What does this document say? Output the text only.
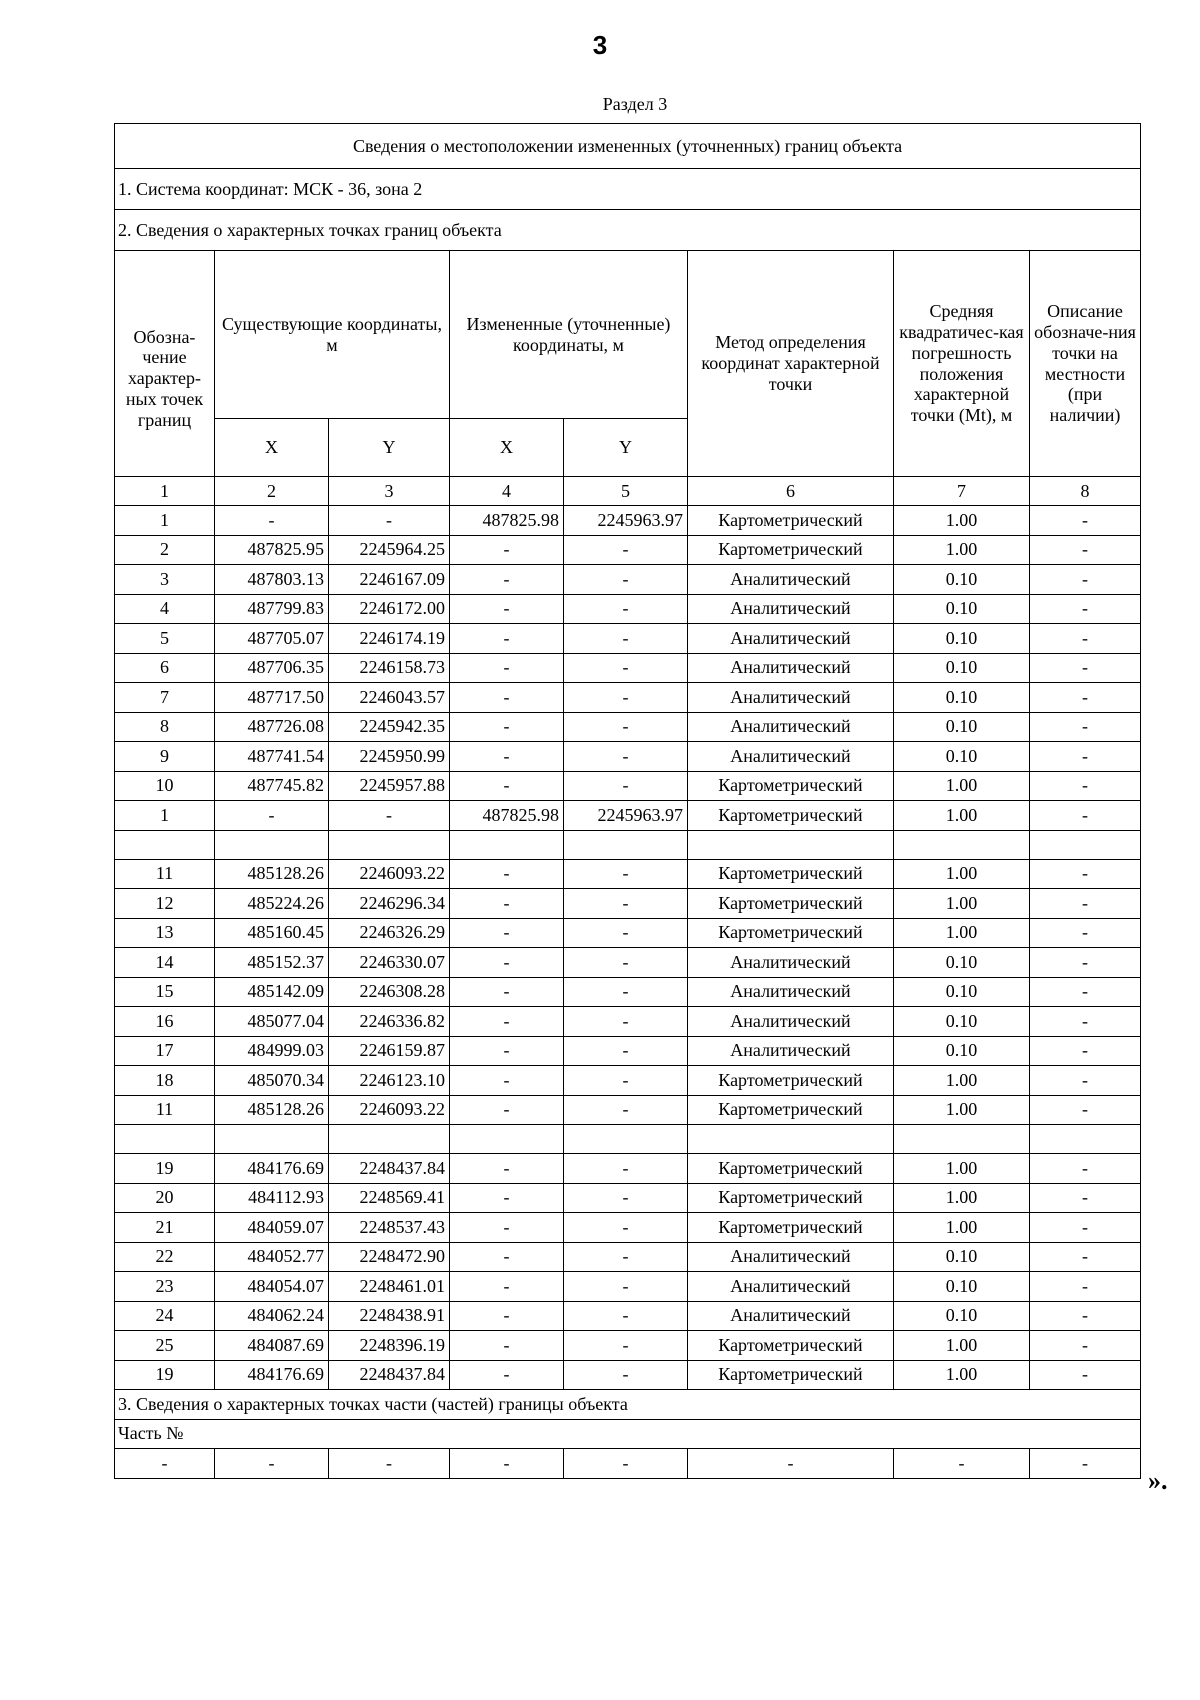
3
Раздел 3
Сведения о местоположении измененных (уточненных) границ объекта							
1. Система координат: МСК - 36, зона 2							
2. Сведения о характерных точках границ объекта							
Обозна-чение характер-ных точек границ	Существующие координаты, м		Измененные (уточненные) координаты, м		Метод определения координат характерной точки	Средняя квадратичес-кая погрешность положения характерной точки (Mt), м	Описание обозначе-ния точки на местности (при наличии)
	X	Y	X	Y			
1	2	3	4	5	6	7	8
1	-	-	487825.98	2245963.97	Картометрический	1.00	-
2	487825.95	2245964.25	-	-	Картометрический	1.00	-
3	487803.13	2246167.09	-	-	Аналитический	0.10	-
4	487799.83	2246172.00	-	-	Аналитический	0.10	-
5	487705.07	2246174.19	-	-	Аналитический	0.10	-
6	487706.35	2246158.73	-	-	Аналитический	0.10	-
7	487717.50	2246043.57	-	-	Аналитический	0.10	-
8	487726.08	2245942.35	-	-	Аналитический	0.10	-
9	487741.54	2245950.99	-	-	Аналитический	0.10	-
10	487745.82	2245957.88	-	-	Картометрический	1.00	-
1	-	-	487825.98	2245963.97	Картометрический	1.00	-

11	485128.26	2246093.22	-	-	Картометрический	1.00	-
12	485224.26	2246296.34	-	-	Картометрический	1.00	-
13	485160.45	2246326.29	-	-	Картометрический	1.00	-
14	485152.37	2246330.07	-	-	Аналитический	0.10	-
15	485142.09	2246308.28	-	-	Аналитический	0.10	-
16	485077.04	2246336.82	-	-	Аналитический	0.10	-
17	484999.03	2246159.87	-	-	Аналитический	0.10	-
18	485070.34	2246123.10	-	-	Картометрический	1.00	-
11	485128.26	2246093.22	-	-	Картометрический	1.00	-

19	484176.69	2248437.84	-	-	Картометрический	1.00	-
20	484112.93	2248569.41	-	-	Картометрический	1.00	-
21	484059.07	2248537.43	-	-	Картометрический	1.00	-
22	484052.77	2248472.90	-	-	Аналитический	0.10	-
23	484054.07	2248461.01	-	-	Аналитический	0.10	-
24	484062.24	2248438.91	-	-	Аналитический	0.10	-
25	484087.69	2248396.19	-	-	Картометрический	1.00	-
19	484176.69	2248437.84	-	-	Картометрический	1.00	-
3. Сведения о характерных точках части (частей) границы объекта							
Часть №							
-	-	-	-	-	-	-	-
».
